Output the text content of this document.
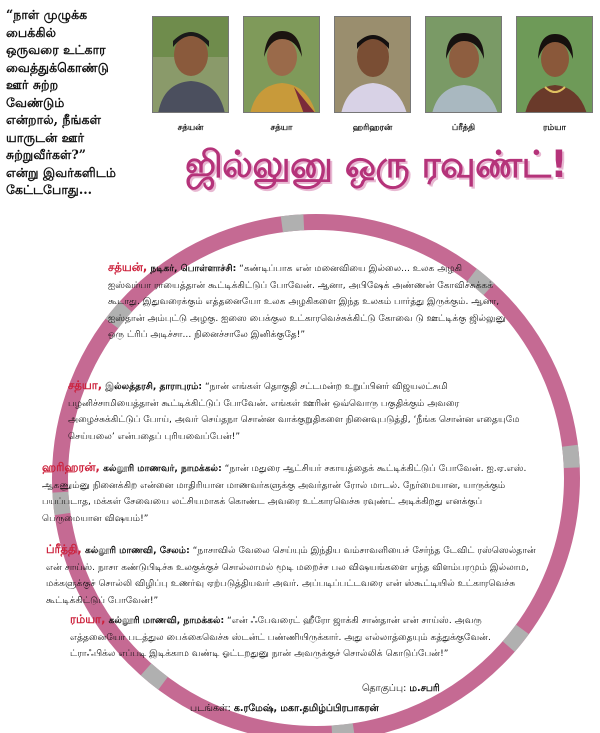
“நாள் முழுக்க
பைக்கில்
ஒருவரை உட்கார
வைத்துக்கொண்டு
ஊர் சுற்ற
வேண்டும்
என்றால், நீங்கள்
யாருடன் ஊர்
சுற்றுவீர்கள்?”
என்று இவர்களிடம்
கேட்டபோது...
சத்யன்	சத்யா	ஹரிஹரன்	ப்ரீத்தி	ரம்யா
ஜில்லுனு ஒரு ரவுண்ட்!
சத்யன், நடிகர், பொள்ளாச்சி: “கண்டிப்பாக என் மனைவியை இல்லை... உலக அழகி ஐஸ்வர்யா ராயைத்தான் கூட்டிக்கிட்டுப் போவேன். ஆனா, அபிஷேக் அண்ணன் கோவிச்சுக்கக் கூடாது. இதுவரைக்கும் எத்தனையோ உலக அழகிகளை இந்த உலகம் பார்த்து இருக்கும். ஆனா, ஐஸ்தான் அம்புட்டு அழகு. ஐஸை பைக்குல உட்காரவெச்சுக்கிட்டு கோவை டு ஊட்டிக்கு ஜில்லுனு ஒரு ட்ரிப் அடிச்சா... நினைச்சாலே இனிக்குதே!”
சத்யா, இல்லத்தரசி, தாராபுரம்: “நான் எங்கள் தொகுதி சட்டமன்ற உறுப்பினர் விஜயலட்சுமி பழனிச்சாமியைத்தான் கூட்டிக்கிட்டுப் போவேன். எங்கள் ஊரின் ஒவ்வொரு பகுதிக்கும் அவரை அழைச்சுக்கிட்டுப் போய், அவர் செய்தநா சொன்ன வாக்குறுதிகளை நினைவுபடுத்தி, ‘நீங்க சொன்ன எதையுமே செய்யலை’ என்பதைப் புரியவைப்பேன்!”
ஹரிஹரன், கல்லூரி மாணவர், நாமக்கல்: “நான் மதுரை ஆட்சியர் சகாயத்தைக் கூட்டிக்கிட்டுப் போவேன். ஐ.ஏ.எஸ். ஆகணும்னு நினைக்கிற என்னை மாதிரியான மாணவர்களுக்கு அவர்தான் ரோல் மாடல். நேர்மையான, யாருக்கும் பயப்படாத, மக்கள் சேவையை லட்சியமாகக் கொண்ட அவரை உட்காரவெச்சு ரவுண்ட் அடிக்கிறது எனக்குப் பெருமையான விஷயம்!”
ப்ரீத்தி, கல்லூரி மாணவி, சேலம்: “நாசாவில் வேலை செய்யும் இந்திய வம்சாவளியைச் சேர்ந்த டேவிட் ரஸ்ஸெல்தான் என் சாய்ஸ். நாசா கண்டுபிடிச்சு உலகுக்குச் சொல்லாமல் மூடி மறைச்ச பல விஷயங்களை எந்த விளம்பரமும் இல்லாம, மக்களுக்குச் சொல்லி விழிப்பு உணர்வு ஏற்படுத்தியவர் அவர். அப்படிப்பட்டவரை என் ஸ்கூட்டியில் உட்காரவெச்சு கூட்டிக்கிட்டுப் போவேன்!”
ரம்யா, கல்லூரி மாணவி, நாமக்கல்: “என் ஃபேவரைட் ஹீரோ ஜாக்கி சான்தான் என் சாய்ஸ். அவரு எத்தனையோ படத்துல பைக்கைவெச்சு ஸ்டன்ட் பண்ணியிருக்கார். அது எல்லாத்தையும் கத்துக்குவேன். ட்ராஃபிக்ல எப்படி இடிக்காம வண்டி ஓட்டறதுனு நான் அவருக்குச் சொல்லிக் கொடுப்பேன்!”
தொகுப்பு: ம.சபரி
படங்கள்: க.ரமேஷ், மகா.தமிழ்ப்பிரபாகரன்
